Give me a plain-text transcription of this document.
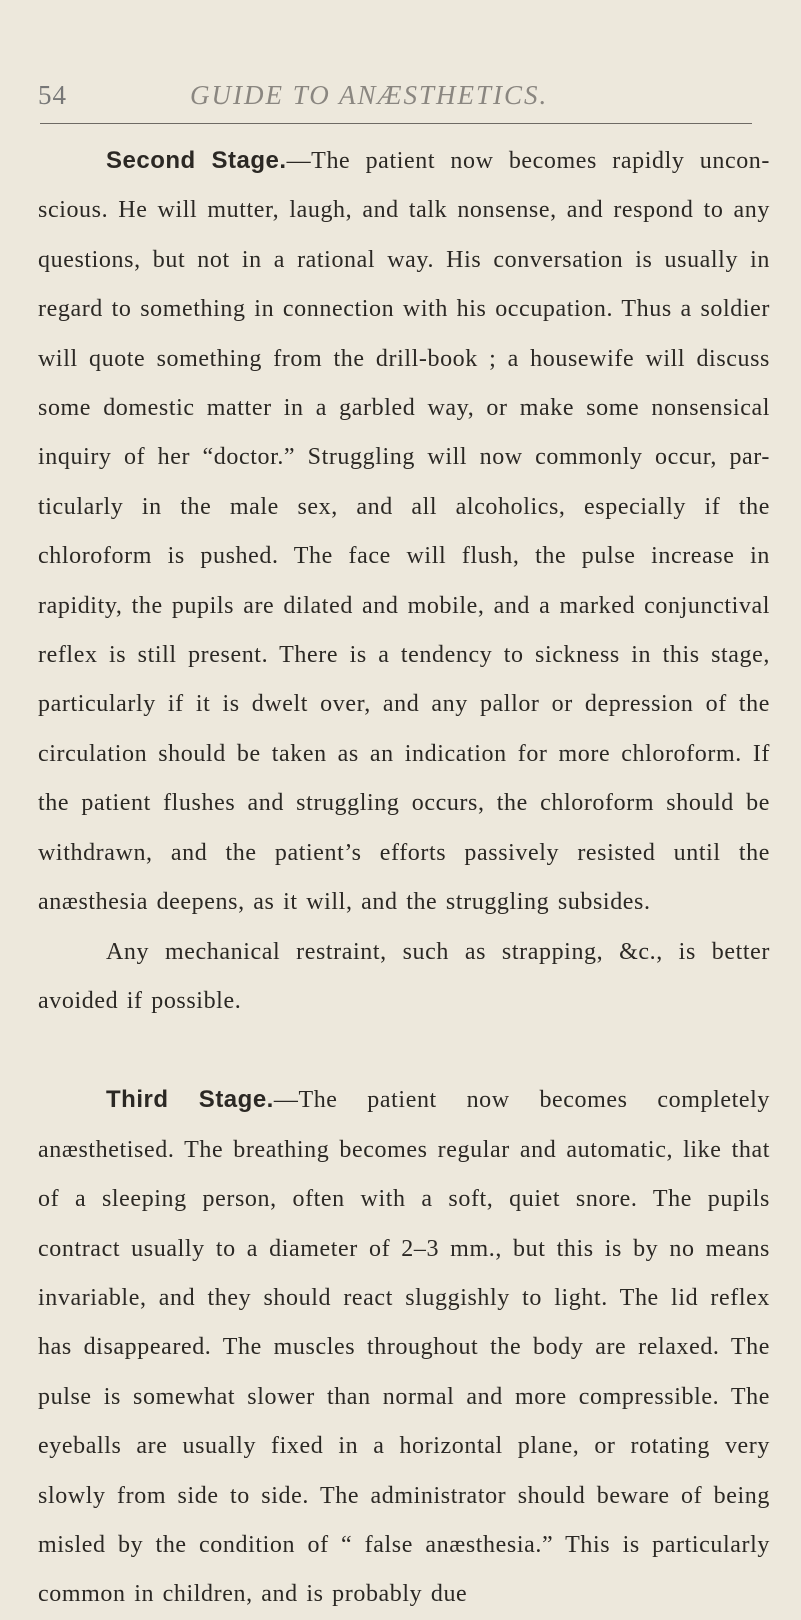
54	GUIDE TO ANÆSTHETICS.

Second Stage.—The patient now becomes rapidly uncon-scious. He will mutter, laugh, and talk nonsense, and respond to any questions, but not in a rational way. His conversation is usually in regard to something in connection with his occupation. Thus a soldier will quote something from the drill-book ; a housewife will discuss some domestic matter in a garbled way, or make some nonsensical inquiry of her “doctor.” Struggling will now commonly occur, par-ticularly in the male sex, and all alcoholics, especially if the chloroform is pushed. The face will flush, the pulse increase in rapidity, the pupils are dilated and mobile, and a marked conjunctival reflex is still present. There is a tendency to sickness in this stage, particularly if it is dwelt over, and any pallor or depression of the circulation should be taken as an indication for more chloroform. If the patient flushes and struggling occurs, the chloroform should be withdrawn, and the patient’s efforts passively resisted until the anæsthesia deepens, as it will, and the struggling subsides.

Any mechanical restraint, such as strapping, &c., is better avoided if possible.

Third Stage.—The patient now becomes completely anæsthetised. The breathing becomes regular and automatic, like that of a sleeping person, often with a soft, quiet snore. The pupils contract usually to a diameter of 2–3 mm., but this is by no means invariable, and they should react sluggishly to light. The lid reflex has disappeared. The muscles throughout the body are relaxed. The pulse is somewhat slower than normal and more compressible. The eyeballs are usually fixed in a horizontal plane, or rotating very slowly from side to side. The administrator should beware of being misled by the condition of “ false anæsthesia.” This is particularly common in children, and is probably due
